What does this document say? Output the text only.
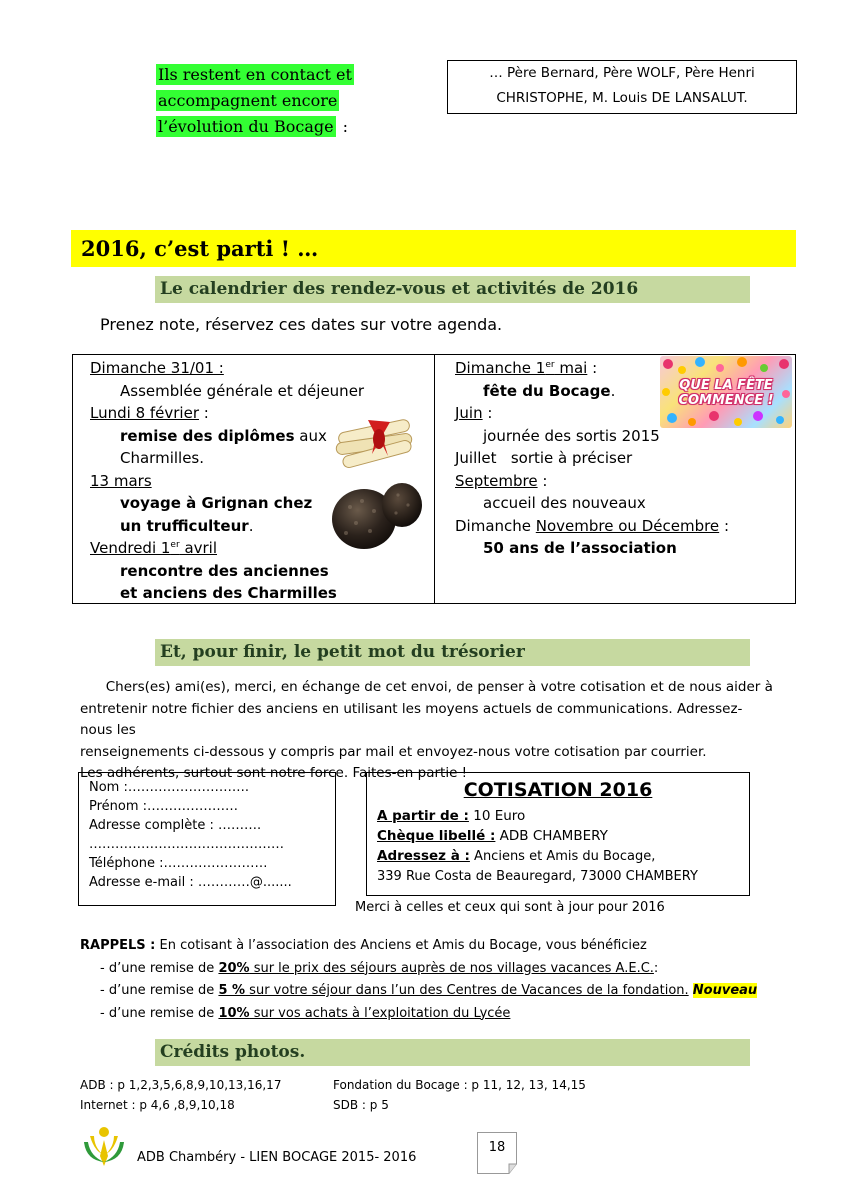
Ils restent en contact et
accompagnent encore
l’évolution du Bocage :
… Père Bernard, Père WOLF, Père Henri
CHRISTOPHE, M. Louis DE LANSALUT.
2016, c’est parti ! …
Le calendrier des rendez-vous et activités de 2016
Prenez note, réservez ces dates sur votre agenda.
Dimanche 31/01 :
Assemblée générale et déjeuner
Lundi 8 février :
remise des diplômes aux
Charmilles.
13 mars
voyage à Grignan chez
un trufficulteur.
Vendredi 1er avril
rencontre des anciennes
et anciens des Charmilles
Dimanche 1er mai :
fête du Bocage.
Juin :
journée des sortis 2015
Juillet   sortie à préciser
Septembre :
accueil des nouveaux
Dimanche Novembre ou Décembre :
50 ans de l’association
QUE LA FÊTE
COMMENCE !
Et, pour finir, le petit mot du trésorier
Chers(es) ami(es), merci, en échange de cet envoi, de penser à votre cotisation et de nous aider à
entretenir notre fichier des anciens en utilisant les moyens actuels de communications. Adressez-nous les
renseignements ci-dessous y compris par mail et envoyez-nous votre cotisation par courrier.
Les adhérents, surtout sont notre force. Faites-en partie !
Nom :……………………….
Prénom :…………………
Adresse complète : ……….
………………………………………
Téléphone :……………………
Adresse e-mail : …………@.......
COTISATION 2016
A partir de : 10 Euro
Chèque libellé : ADB CHAMBERY
Adressez à : Anciens et Amis du Bocage,
339 Rue Costa de Beauregard, 73000 CHAMBERY
Merci à celles et ceux qui sont à jour pour 2016
RAPPELS : En cotisant à l’association des Anciens et Amis du Bocage, vous bénéficiez
- d’une remise de 20% sur le prix des séjours auprès de nos villages vacances A.E.C.:
- d’une remise de 5 % sur votre séjour dans l’un des Centres de Vacances de la fondation. Nouveau
- d’une remise de 10% sur vos achats à l’exploitation du Lycée
Crédits photos.
ADB : p 1,2,3,5,6,8,9,10,13,16,17
Internet : p 4,6 ,8,9,10,18
Fondation du Bocage : p 11, 12, 13, 14,15
SDB : p 5
ADB Chambéry - LIEN BOCAGE 2015- 2016
18
